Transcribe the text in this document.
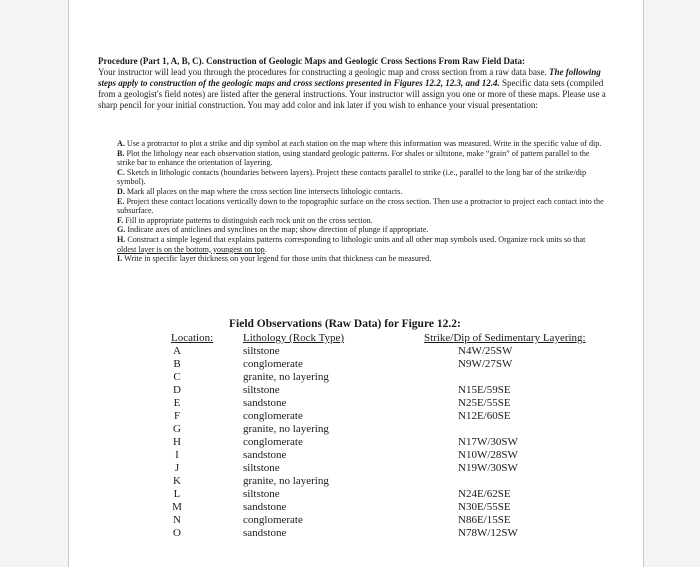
Procedure (Part 1, A, B, C). Construction of Geologic Maps and Geologic Cross Sections From Raw Field Data:
Your instructor will lead you through the procedures for constructing a geologic map and cross section from a raw data base. The following steps apply to construction of the geologic maps and cross sections presented in Figures 12.2, 12.3, and 12.4. Specific data sets (compiled from a geologist's field notes) are listed after the general instructions. Your instructor will assign you one or more of these maps. Please use a sharp pencil for your initial construction. You may add color and ink later if you wish to enhance your visual presentation:

A. Use a protractor to plot a strike and dip symbol at each station on the map where this information was measured. Write in the specific value of dip.

B. Plot the lithology near each observation station, using standard geologic patterns. For shales or siltstone, make “grain” of pattern parallel to the strike bar to enhance the orientation of layering.

C. Sketch in lithologic contacts (boundaries between layers). Project these contacts parallel to strike (i.e., parallel to the long bar of the strike/dip symbol).

D. Mark all places on the map where the cross section line intersects lithologic contacts.

E. Project these contact locations vertically down to the topographic surface on the cross section. Then use a protractor to project each contact into the subsurface.

F. Fill in appropriate patterns to distinguish each rock unit on the cross section.

G. Indicate axes of anticlines and synclines on the map; show direction of plunge if appropriate.

H. Construct a simple legend that explains patterns corresponding to lithologic units and all other map symbols used. Organize rock units so that oldest layer is on the bottom, youngest on top.

I. Write in specific layer thickness on your legend for those units that thickness can be measured.

Field Observations (Raw Data) for Figure 12.2:
Location:	Lithology (Rock Type)	Strike/Dip of Sedimentary Layering:
A	siltstone	N4W/25SW
B	conglomerate	N9W/27SW
C	granite, no layering
D	siltstone	N15E/59SE
E	sandstone	N25E/55SE
F	conglomerate	N12E/60SE
G	granite, no layering
H	conglomerate	N17W/30SW
I	sandstone	N10W/28SW
J	siltstone	N19W/30SW
K	granite, no layering
L	siltstone	N24E/62SE
M	sandstone	N30E/55SE
N	conglomerate	N86E/15SE
O	sandstone	N78W/12SW
